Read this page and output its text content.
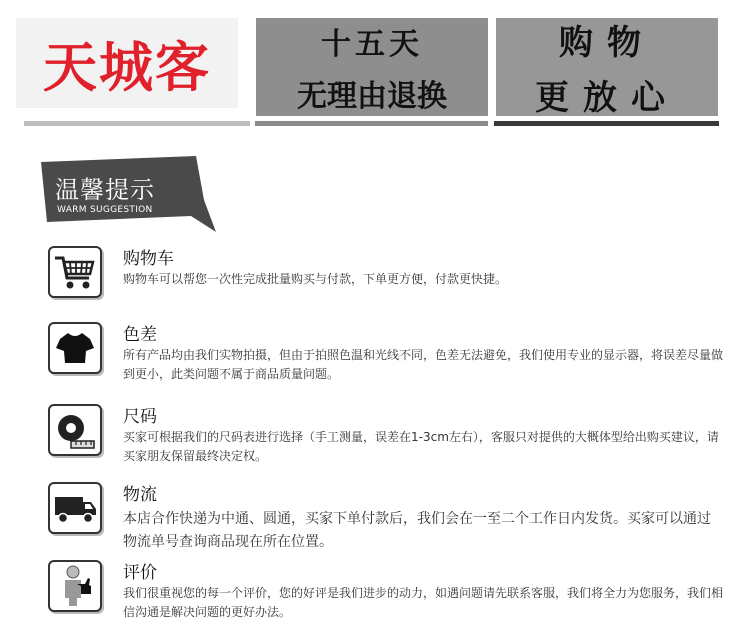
天城客	十五天
无理由退换
购物
更放心
温馨提示
WARM SUGGESTION
购物车
购物车可以帮您一次性完成批量购买与付款，下单更方便，付款更快捷。
色差
所有产品均由我们实物拍摄，但由于拍照色温和光线不同，色差无法避免，我们使用专业的显示器，将误差尽量做到更小，此类问题不属于商品质量问题。
尺码
买家可根据我们的尺码表进行选择（手工测量，误差在1-3cm左右），客服只对提供的大概体型给出购买建议，请买家朋友保留最终决定权。
物流
本店合作快递为中通、圆通，买家下单付款后，我们会在一至二个工作日内发货。买家可以通过物流单号查询商品现在所在位置。
评价
我们很重视您的每一个评价，您的好评是我们进步的动力，如遇问题请先联系客服，我们将全力为您服务，我们相信沟通是解决问题的更好办法。
